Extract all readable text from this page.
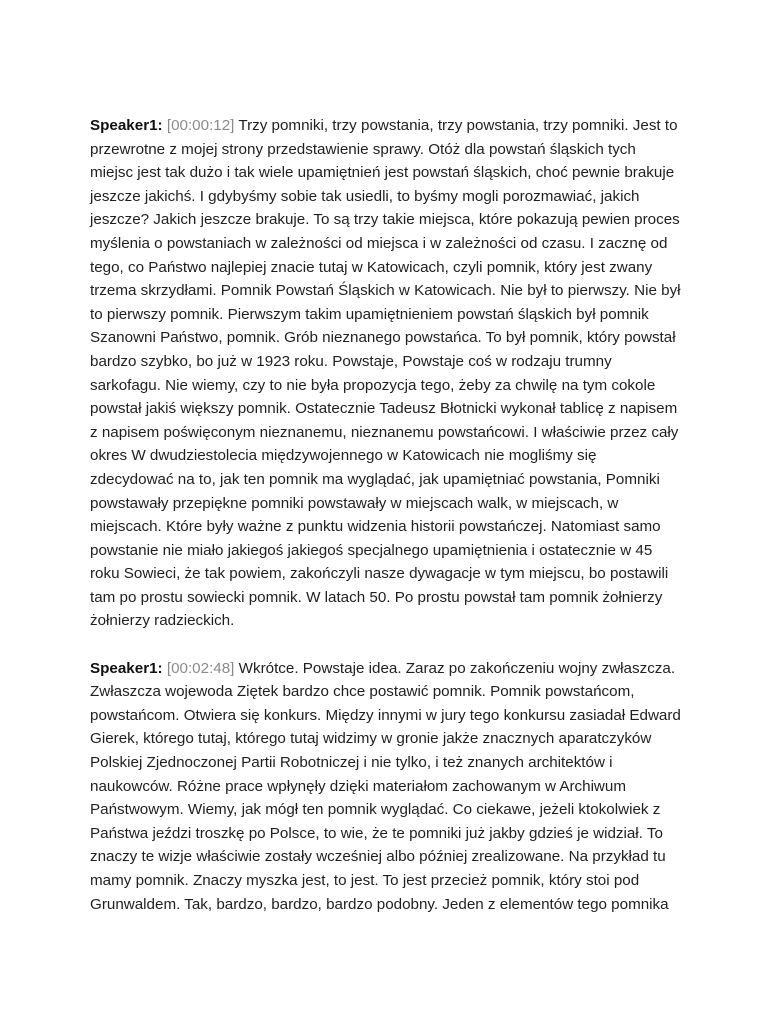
Speaker1: [00:00:12] Trzy pomniki, trzy powstania, trzy powstania, trzy pomniki. Jest to przewrotne z mojej strony przedstawienie sprawy. Otóż dla powstań śląskich tych miejsc jest tak dużo i tak wiele upamiętnień jest powstań śląskich, choć pewnie brakuje jeszcze jakichś. I gdybyśmy sobie tak usiedli, to byśmy mogli porozmawiać, jakich jeszcze? Jakich jeszcze brakuje. To są trzy takie miejsca, które pokazują pewien proces myślenia o powstaniach w zależności od miejsca i w zależności od czasu. I zacznę od tego, co Państwo najlepiej znacie tutaj w Katowicach, czyli pomnik, który jest zwany trzema skrzydłami. Pomnik Powstań Śląskich w Katowicach. Nie był to pierwszy. Nie był to pierwszy pomnik. Pierwszym takim upamiętnieniem powstań śląskich był pomnik Szanowni Państwo, pomnik. Grób nieznanego powstańca. To był pomnik, który powstał bardzo szybko, bo już w 1923 roku. Powstaje, Powstaje coś w rodzaju trumny sarkofagu. Nie wiemy, czy to nie była propozycja tego, żeby za chwilę na tym cokole powstał jakiś większy pomnik. Ostatecznie Tadeusz Błotnicki wykonał tablicę z napisem z napisem poświęconym nieznanemu, nieznanemu powstańcowi. I właściwie przez cały okres W dwudziestolecia międzywojennego w Katowicach nie mogliśmy się zdecydować na to, jak ten pomnik ma wyglądać, jak upamiętniać powstania, Pomniki powstawały przepiękne pomniki powstawały w miejscach walk, w miejscach, w miejscach. Które były ważne z punktu widzenia historii powstańczej. Natomiast samo powstanie nie miało jakiegoś jakiegoś specjalnego upamiętnienia i ostatecznie w 45 roku Sowieci, że tak powiem, zakończyli nasze dywagacje w tym miejscu, bo postawili tam po prostu sowiecki pomnik. W latach 50. Po prostu powstał tam pomnik żołnierzy żołnierzy radzieckich.

Speaker1: [00:02:48] Wkrótce. Powstaje idea. Zaraz po zakończeniu wojny zwłaszcza. Zwłaszcza wojewoda Ziętek bardzo chce postawić pomnik. Pomnik powstańcom, powstańcom. Otwiera się konkurs. Między innymi w jury tego konkursu zasiadał Edward Gierek, którego tutaj, którego tutaj widzimy w gronie jakże znacznych aparatczyków Polskiej Zjednoczonej Partii Robotniczej i nie tylko, i też znanych architektów i naukowców. Różne prace wpłynęły dzięki materiałom zachowanym w Archiwum Państwowym. Wiemy, jak mógł ten pomnik wyglądać. Co ciekawe, jeżeli ktokolwiek z Państwa jeździ troszkę po Polsce, to wie, że te pomniki już jakby gdzieś je widział. To znaczy te wizje właściwie zostały wcześniej albo później zrealizowane. Na przykład tu mamy pomnik. Znaczy myszka jest, to jest. To jest przecież pomnik, który stoi pod Grunwaldem. Tak, bardzo, bardzo, bardzo podobny. Jeden z elementów tego pomnika
